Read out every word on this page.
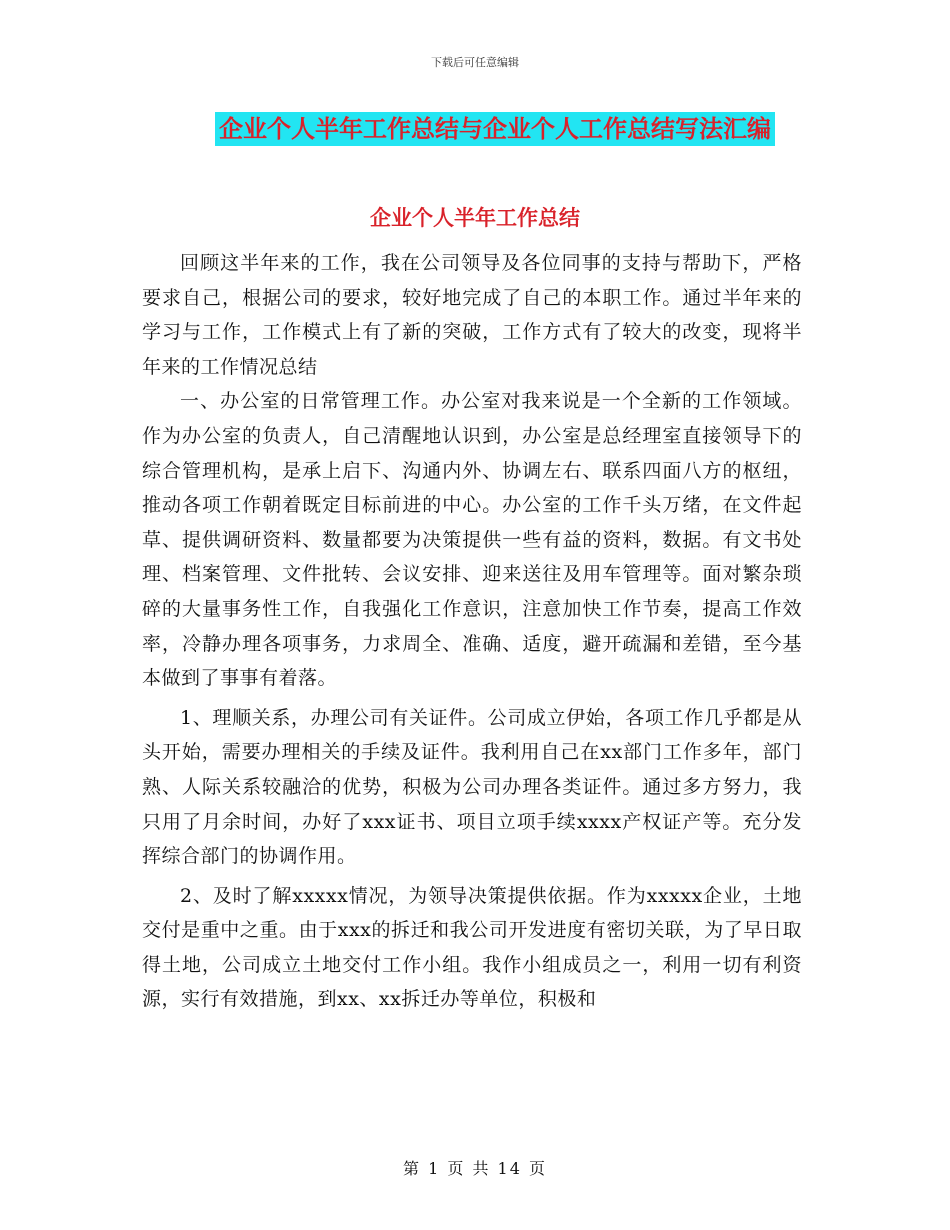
下载后可任意编辑
企业个人半年工作总结与企业个人工作总结写法汇编
企业个人半年工作总结

回顾这半年来的工作，我在公司领导及各位同事的支持与帮助下，严格要求自己，根据公司的要求，较好地完成了自己的本职工作。通过半年来的学习与工作，工作模式上有了新的突破，工作方式有了较大的改变，现将半年来的工作情况总结

一、办公室的日常管理工作。办公室对我来说是一个全新的工作领域。作为办公室的负责人，自己清醒地认识到，办公室是总经理室直接领导下的综合管理机构，是承上启下、沟通内外、协调左右、联系四面八方的枢纽，推动各项工作朝着既定目标前进的中心。办公室的工作千头万绪，在文件起草、提供调研资料、数量都要为决策提供一些有益的资料，数据。有文书处理、档案管理、文件批转、会议安排、迎来送往及用车管理等。面对繁杂琐碎的大量事务性工作，自我强化工作意识，注意加快工作节奏，提高工作效率，冷静办理各项事务，力求周全、准确、适度，避开疏漏和差错，至今基本做到了事事有着落。

1、理顺关系，办理公司有关证件。公司成立伊始，各项工作几乎都是从头开始，需要办理相关的手续及证件。我利用自己在xx部门工作多年，部门熟、人际关系较融洽的优势，积极为公司办理各类证件。通过多方努力，我只用了月余时间，办好了xxx证书、项目立项手续xxxx产权证产等。充分发挥综合部门的协调作用。

2、及时了解xxxxx情况，为领导决策提供依据。作为xxxxx企业，土地交付是重中之重。由于xxx的拆迁和我公司开发进度有密切关联，为了早日取得土地，公司成立土地交付工作小组。我作小组成员之一，利用一切有利资源，实行有效措施，到xx、xx拆迁办等单位，积极和

第 1 页 共 14 页
